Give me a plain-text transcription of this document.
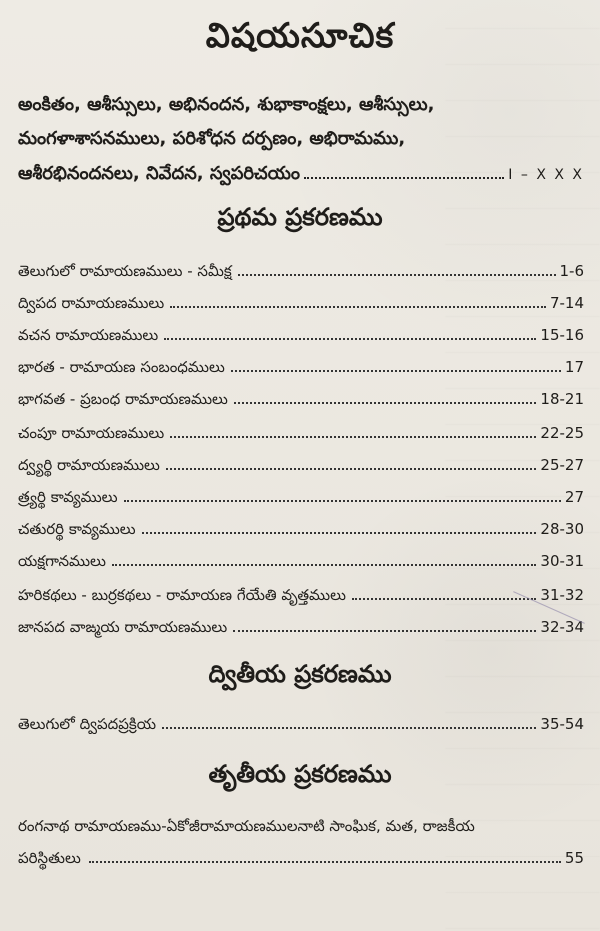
విషయసూచిక
అంకితం, ఆశీస్సులు, అభినందన, శుభాకాంక్షలు, ఆశీస్సులు,
మంగళాశాసనములు, పరిశోధన దర్పణం, అభిరామము,
ఆశీరభినందనలు, నివేదన, స్వపరిచయం	I – X X X
ప్రథమ ప్రకరణము
తెలుగులో రామాయణములు - సమీక్ష	1-6
ద్విపద రామాయణములు	7-14
వచన రామాయణములు	15-16
భారత - రామాయణ సంబంధములు	17
భాగవత - ప్రబంధ రామాయణములు	18-21
చంపూ రామాయణములు	22-25
ద్వ్యర్థి రామాయణములు	25-27
త్ర్యర్థి కావ్యములు	27
చతురర్థి కావ్యములు	28-30
యక్షగానములు	30-31
హరికథలు - బుర్రకథలు - రామాయణ గేయేతి వృత్తములు	31-32
జానపద వాఙ్మయ రామాయణములు	32-34
ద్వితీయ ప్రకరణము
తెలుగులో ద్విపదప్రక్రియ	35-54
తృతీయ ప్రకరణము
రంగనాథ రామాయణము-ఏకోజీరామాయణములనాటి సాంఘిక, మత, రాజకీయ
పరిస్థితులు	55
